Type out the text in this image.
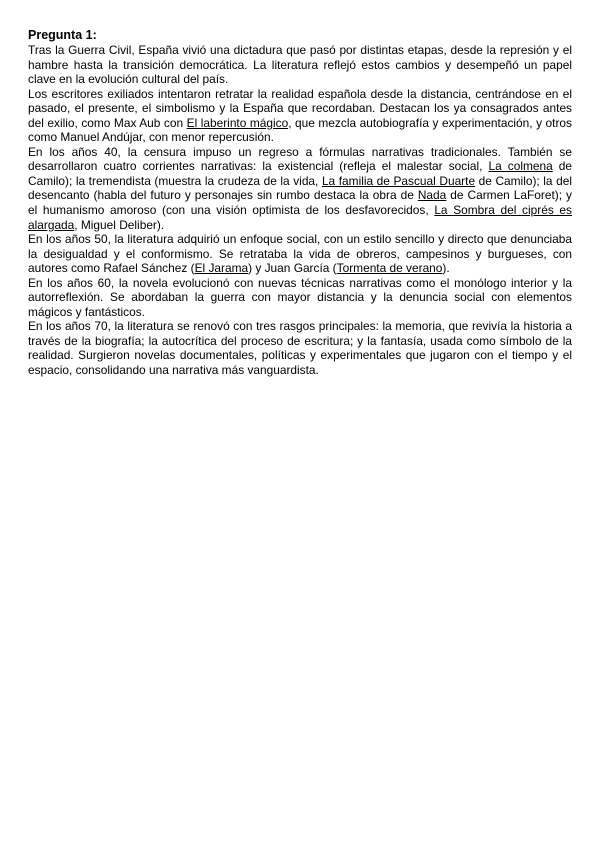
Pregunta 1:

Tras la Guerra Civil, España vivió una dictadura que pasó por distintas etapas, desde la represión y el hambre hasta la transición democrática. La literatura reflejó estos cambios y desempeñó un papel clave en la evolución cultural del país.

Los escritores exiliados intentaron retratar la realidad española desde la distancia, centrándose en el pasado, el presente, el simbolismo y la España que recordaban. Destacan los ya consagrados antes del exilio, como Max Aub con El laberinto mágico, que mezcla autobiografía y experimentación, y otros como Manuel Andújar, con menor repercusión.

En los años 40, la censura impuso un regreso a fórmulas narrativas tradicionales. También se desarrollaron cuatro corrientes narrativas: la existencial (refleja el malestar social, La colmena de Camilo); la tremendista (muestra la crudeza de la vida, La familia de Pascual Duarte de Camilo); la del desencanto (habla del futuro y personajes sin rumbo destaca la obra de Nada de Carmen LaForet); y el humanismo amoroso (con una visión optimista de los desfavorecidos, La Sombra del ciprés es alargada, Miguel Deliber).

En los años 50, la literatura adquirió un enfoque social, con un estilo sencillo y directo que denunciaba la desigualdad y el conformismo. Se retrataba la vida de obreros, campesinos y burgueses, con autores como Rafael Sánchez (El Jarama) y Juan García (Tormenta de verano).

En los años 60, la novela evolucionó con nuevas técnicas narrativas como el monólogo interior y la autorreflexión. Se abordaban la guerra con mayor distancia y la denuncia social con elementos mágicos y fantásticos.

En los años 70, la literatura se renovó con tres rasgos principales: la memoria, que revivía la historia a través de la biografía; la autocrítica del proceso de escritura; y la fantasía, usada como símbolo de la realidad. Surgieron novelas documentales, políticas y experimentales que jugaron con el tiempo y el espacio, consolidando una narrativa más vanguardista.
